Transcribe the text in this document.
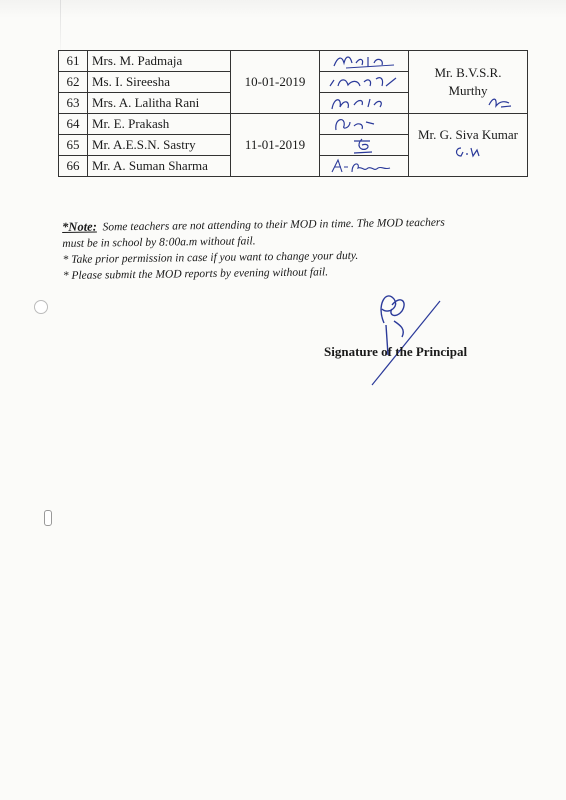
61	Mrs. M. Padmaja	10-01-2019		Mr. B.V.S.R.
Murthy

62	Ms. I. Sireesha	

63	Mrs. A. Lalitha Rani	

64	Mr. E. Prakash	11-01-2019		Mr. G. Siva Kumar

65	Mr. A.E.S.N. Sastry	

66	Mr. A. Suman Sharma	

*Note: Some teachers are not attending to their MOD in time. The MOD teachers

must be in school by 8:00a.m without fail.

* Take prior permission in case if you want to change your duty.

* Please submit the MOD reports by evening without fail.

Signature of the Principal
